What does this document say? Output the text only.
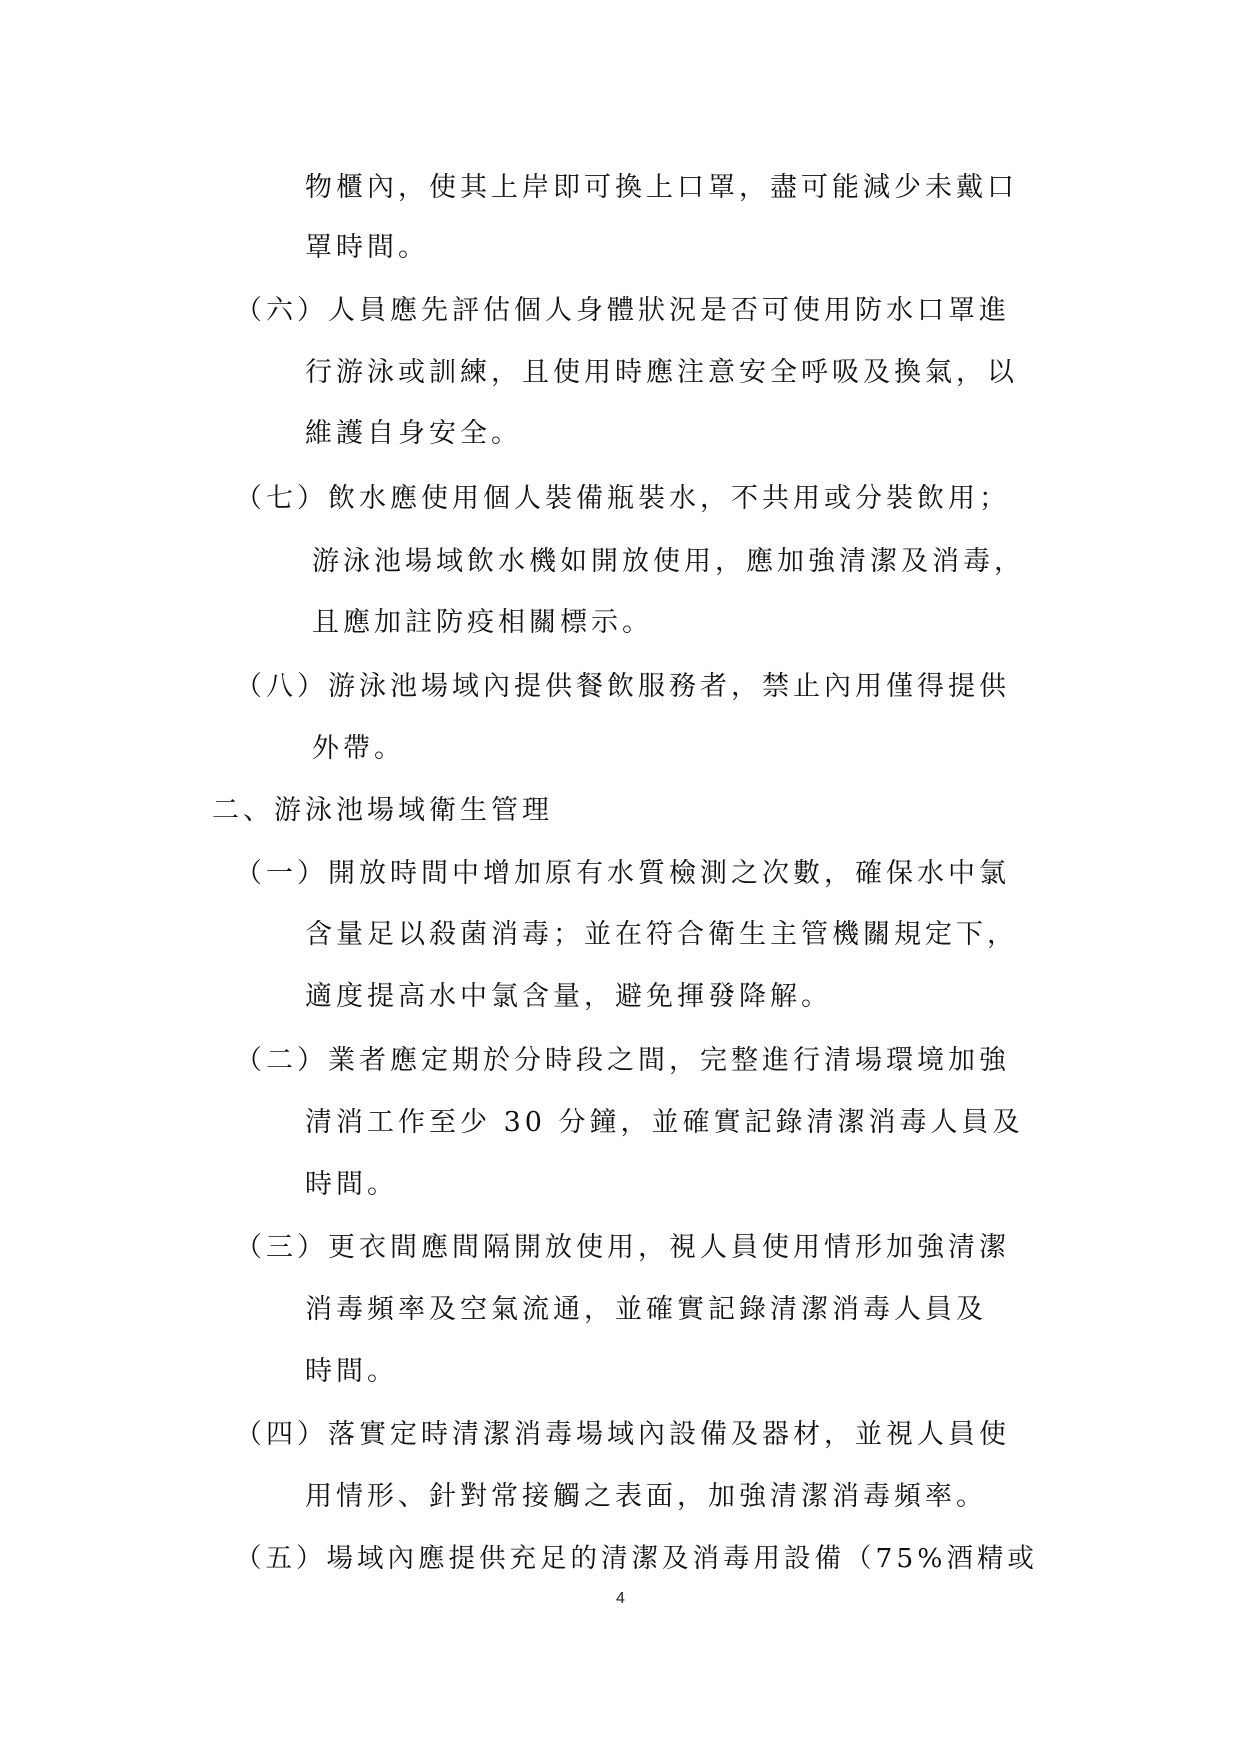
物櫃內，使其上岸即可換上口罩，盡可能減少未戴口
罩時間。
（六）人員應先評估個人身體狀況是否可使用防水口罩進
行游泳或訓練，且使用時應注意安全呼吸及換氣，以
維護自身安全。
（七）飲水應使用個人裝備瓶裝水，不共用或分裝飲用；
游泳池場域飲水機如開放使用，應加強清潔及消毒，
且應加註防疫相關標示。
（八）游泳池場域內提供餐飲服務者，禁止內用僅得提供
外帶。
二、游泳池場域衛生管理
（一）開放時間中增加原有水質檢測之次數，確保水中氯
含量足以殺菌消毒；並在符合衛生主管機關規定下，
適度提高水中氯含量，避免揮發降解。
（二）業者應定期於分時段之間，完整進行清場環境加強
清消工作至少 30 分鐘，並確實記錄清潔消毒人員及
時間。
（三）更衣間應間隔開放使用，視人員使用情形加強清潔
消毒頻率及空氣流通，並確實記錄清潔消毒人員及
時間。
（四）落實定時清潔消毒場域內設備及器材，並視人員使
用情形、針對常接觸之表面，加強清潔消毒頻率。
（五）場域內應提供充足的清潔及消毒用設備（75%酒精或
4
